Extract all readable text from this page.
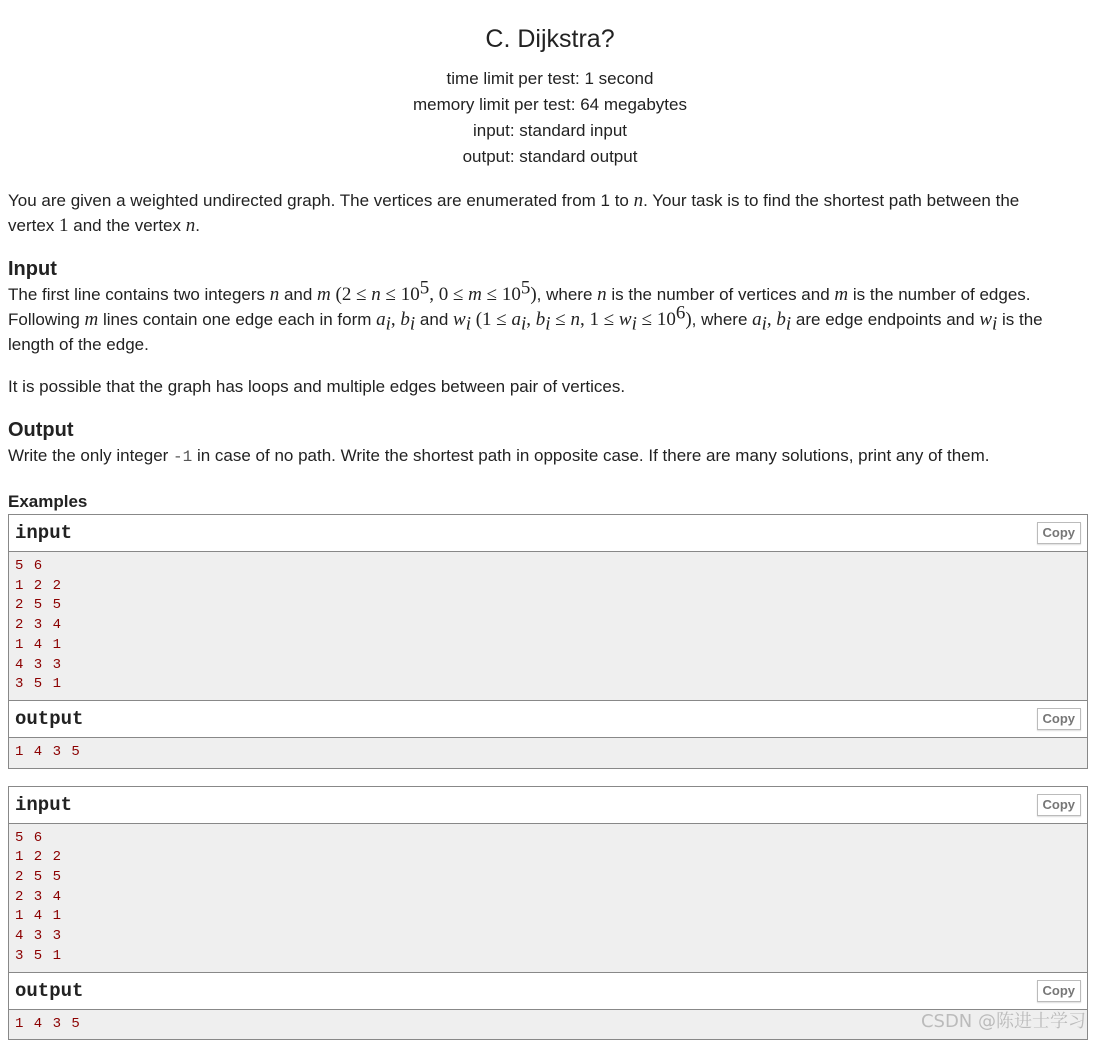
C. Dijkstra?
time limit per test: 1 second
memory limit per test: 64 megabytes
input: standard input
output: standard output

You are given a weighted undirected graph. The vertices are enumerated from 1 to n. Your task is to find the shortest path between the
vertex 1 and the vertex n.

Input

The first line contains two integers n and m ($2 \le n \le 10^5$, $0 \le m \le 10^5$), where n is the number of vertices and m is the number of edges.
Following m lines contain one edge each in form $a_i$, $b_i$ and $w_i$ ($1 \le a_i$, $b_i \le n$, $1 \le w_i \le 10^6$), where $a_i$, $b_i$ are edge endpoints and $w_i$ is the
length of the edge.

It is possible that the graph has loops and multiple edges between pair of vertices.

Output

Write the only integer -1 in case of no path. Write the shortest path in opposite case. If there are many solutions, print any of them.

Examples
input	Copy
5 6
1 2 2
2 5 5
2 3 4
1 4 1
4 3 3
3 5 1
output	Copy
1 4 3 5
input	Copy
5 6
1 2 2
2 5 5
2 3 4
1 4 1
4 3 3
3 5 1
output	Copy
1 4 3 5	CSDN @陈进士学习
